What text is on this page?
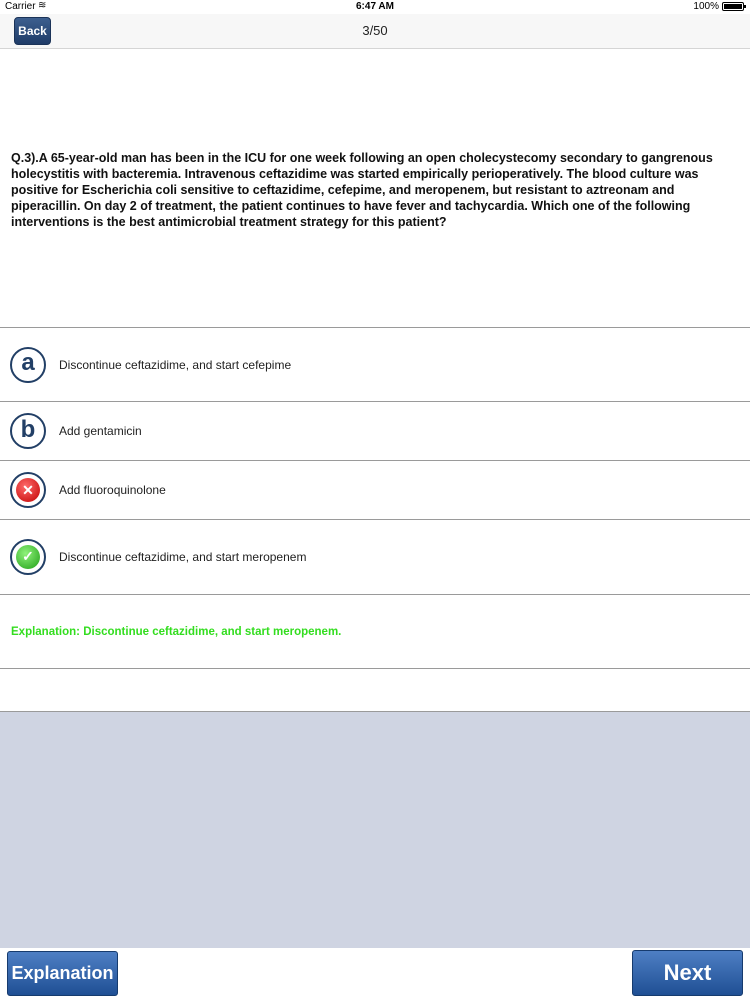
Carrier ≋	6:47 AM	100%
Back	3/50

Q.3).A 65-year-old man has been in the ICU for one week following an open cholecystecomy secondary to gangrenous holecystitis with bacteremia. Intravenous ceftazidime was started empirically perioperatively. The blood culture was positive for Escherichia coli sensitive to ceftazidime, cefepime, and meropenem, but resistant to aztreonam and piperacillin. On day 2 of treatment, the patient continues to have fever and tachycardia. Which one of the following interventions is the best antimicrobial treatment strategy for this patient?

a	Discontinue ceftazidime, and start cefepime
b	Add gentamicin
✕	Add fluoroquinolone
✓	Discontinue ceftazidime, and start meropenem
Explanation: Discontinue ceftazidime, and start meropenem.
Explanation	Next
